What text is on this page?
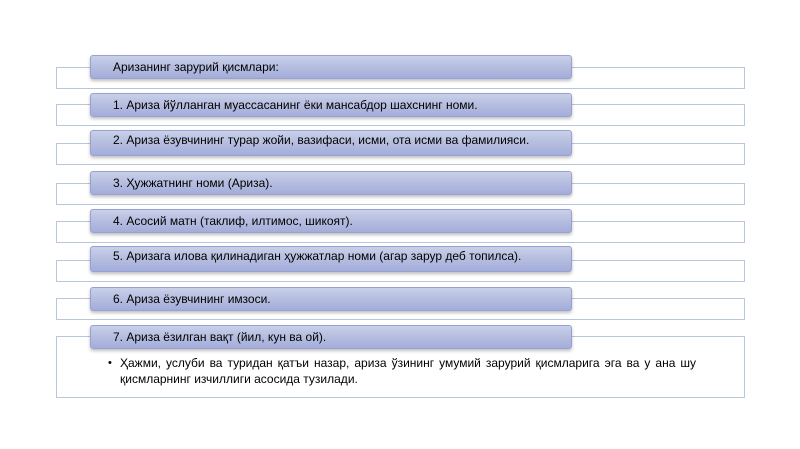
Аризанинг зарурий қисмлари:
1. Ариза йўлланган муассасанинг ёки мансабдор шахснинг номи.
2. Ариза ёзувчининг турар жойи, вазифаси, исми, ота исми ва фамилияси.
3. Ҳужжатнинг номи (Ариза).
4. Асосий матн (таклиф, илтимос, шикоят).
5. Аризага илова қилинадиган ҳужжатлар номи (агар зарур деб топилса).
6. Ариза ёзувчининг имзоси.
7. Ариза ёзилган вақт (йил, кун ва ой).
• Ҳажми, услуби ва туридан қатъи назар, ариза ўзининг умумий зарурий қисмларига эга ва у ана шу қисмларнинг изчиллиги асосида тузилади.
